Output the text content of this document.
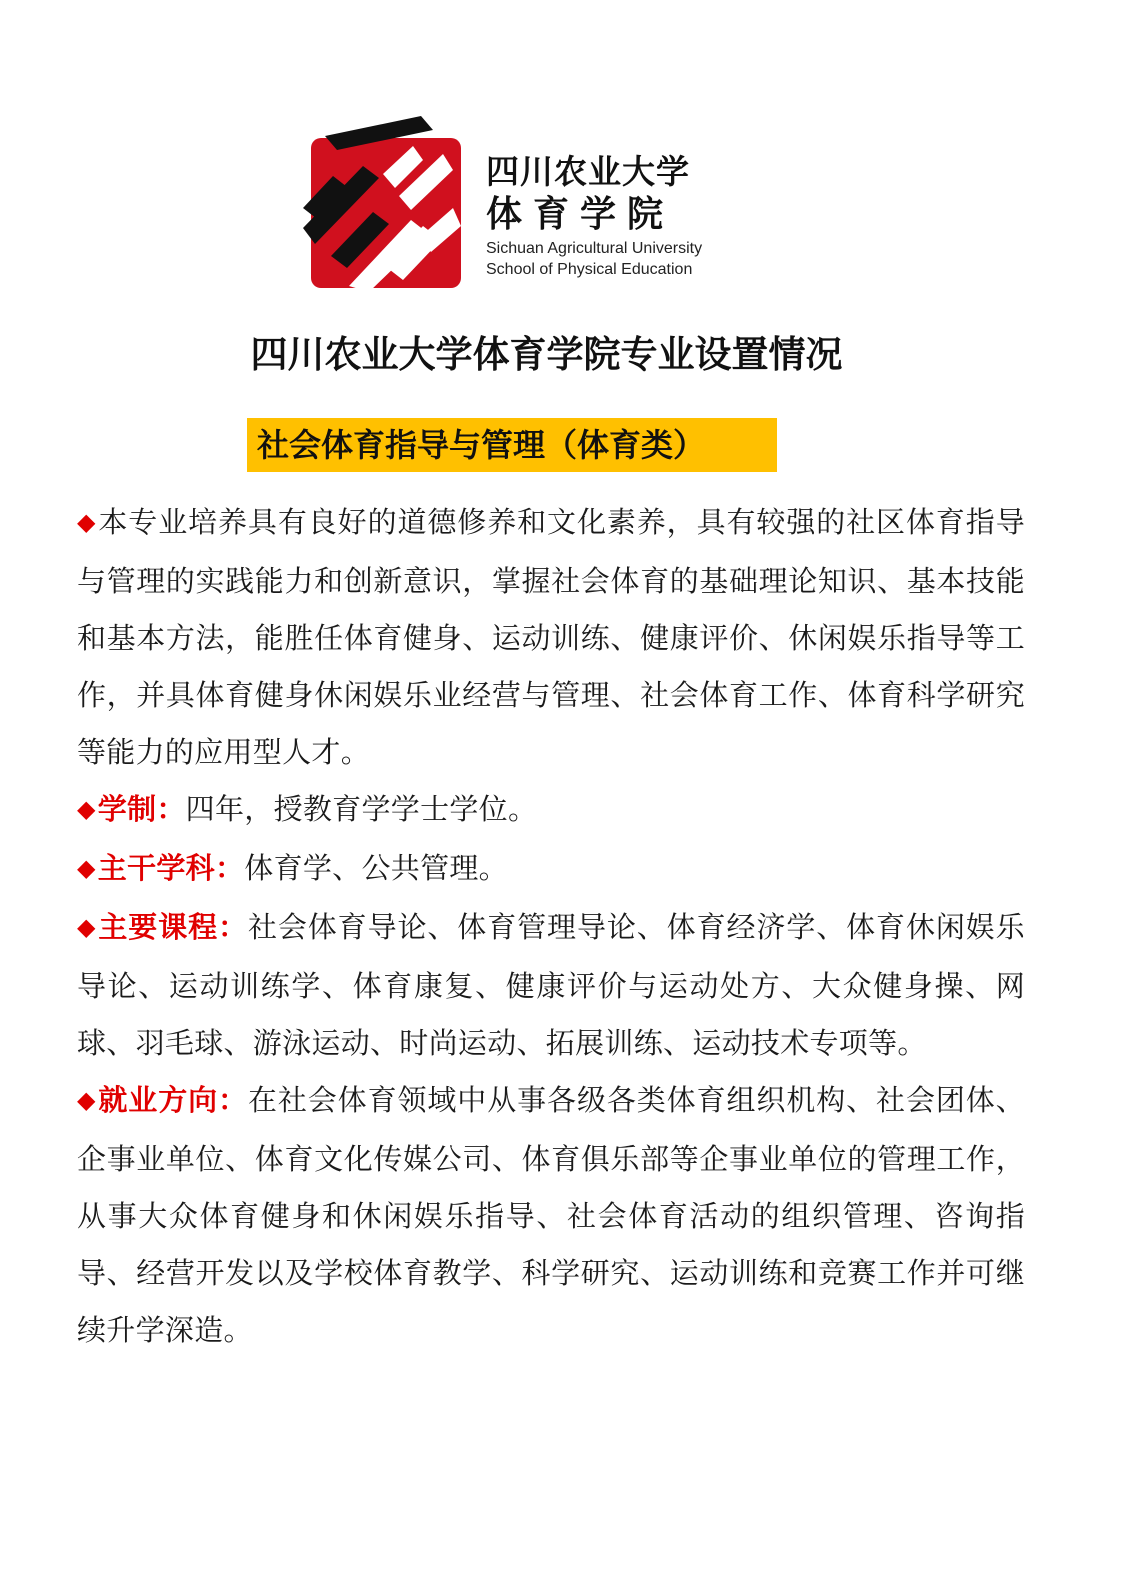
四川农业大学
体育学院
Sichuan Agricultural University
School of Physical Education
四川农业大学体育学院专业设置情况
社会体育指导与管理（体育类）

◆本专业培养具有良好的道德修养和文化素养，具有较强的社区体育指导与管理的实践能力和创新意识，掌握社会体育的基础理论知识、基本技能和基本方法，能胜任体育健身、运动训练、健康评价、休闲娱乐指导等工作，并具体育健身休闲娱乐业经营与管理、社会体育工作、体育科学研究等能力的应用型人才。

◆学制：四年，授教育学学士学位。

◆主干学科：体育学、公共管理。

◆主要课程：社会体育导论、体育管理导论、体育经济学、体育休闲娱乐导论、运动训练学、体育康复、健康评价与运动处方、大众健身操、网球、羽毛球、游泳运动、时尚运动、拓展训练、运动技术专项等。

◆就业方向：在社会体育领域中从事各级各类体育组织机构、社会团体、企事业单位、体育文化传媒公司、体育俱乐部等企事业单位的管理工作，从事大众体育健身和休闲娱乐指导、社会体育活动的组织管理、咨询指导、经营开发以及学校体育教学、科学研究、运动训练和竞赛工作并可继续升学深造。
